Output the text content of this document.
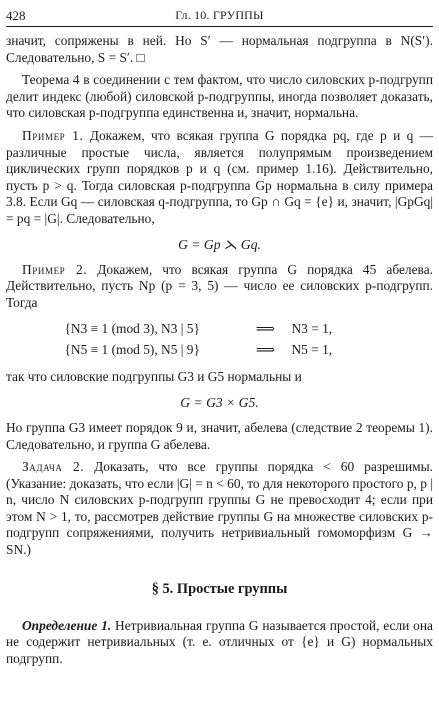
428	Гл. 10. ГРУППЫ

значит, сопряжены в ней. Но S′ — нормальная подгруппа в N(S′). Следовательно, S = S′. □

Теорема 4 в соединении с тем фактом, что число силовских p-подгрупп делит индекс (любой) силовской p-подгруппы, иногда позволяет доказать, что силовская p-подгруппа единственна и, значит, нормальна.

Пример 1. Докажем, что всякая группа G порядка pq, где p и q — различные простые числа, является полупрямым произведением циклических групп порядков p и q (см. пример 1.16). Действительно, пусть p > q. Тогда силовская p-подгруппа Gp нормальна в силу примера 3.8. Если Gq — силовская q-подгруппа, то Gp ∩ Gq = {e} и, значит, |GpGq| = pq = |G|. Следовательно,

G = Gp ⋋ Gq.

Пример 2. Докажем, что всякая группа G порядка 45 абелева. Действительно, пусть Np (p = 3, 5) — число ее силовских p-подгрупп. Тогда

{N3 ≡ 1 (mod 3), N3 | 5}	⟹	N3 = 1,
{N5 ≡ 1 (mod 5), N5 | 9}	⟹	N5 = 1,

так что силовские подгруппы G3 и G5 нормальны и

G = G3 × G5.

Но группа G3 имеет порядок 9 и, значит, абелева (следствие 2 теоремы 1). Следовательно, и группа G абелева.

Задача 2. Доказать, что все группы порядка < 60 разрешимы. (Указание: доказать, что если |G| = n < 60, то для некоторого простого p, p | n, число N силовских p-подгрупп группы G не превосходит 4; если при этом N > 1, то, рассмотрев действие группы G на множестве силовских p-подгрупп сопряжениями, получить нетривиальный гомоморфизм G → SN.)

§ 5. Простые группы

Определение 1. Нетривиальная группа G называется простой, если она не содержит нетривиальных (т. е. отличных от {e} и G) нормальных подгрупп.
